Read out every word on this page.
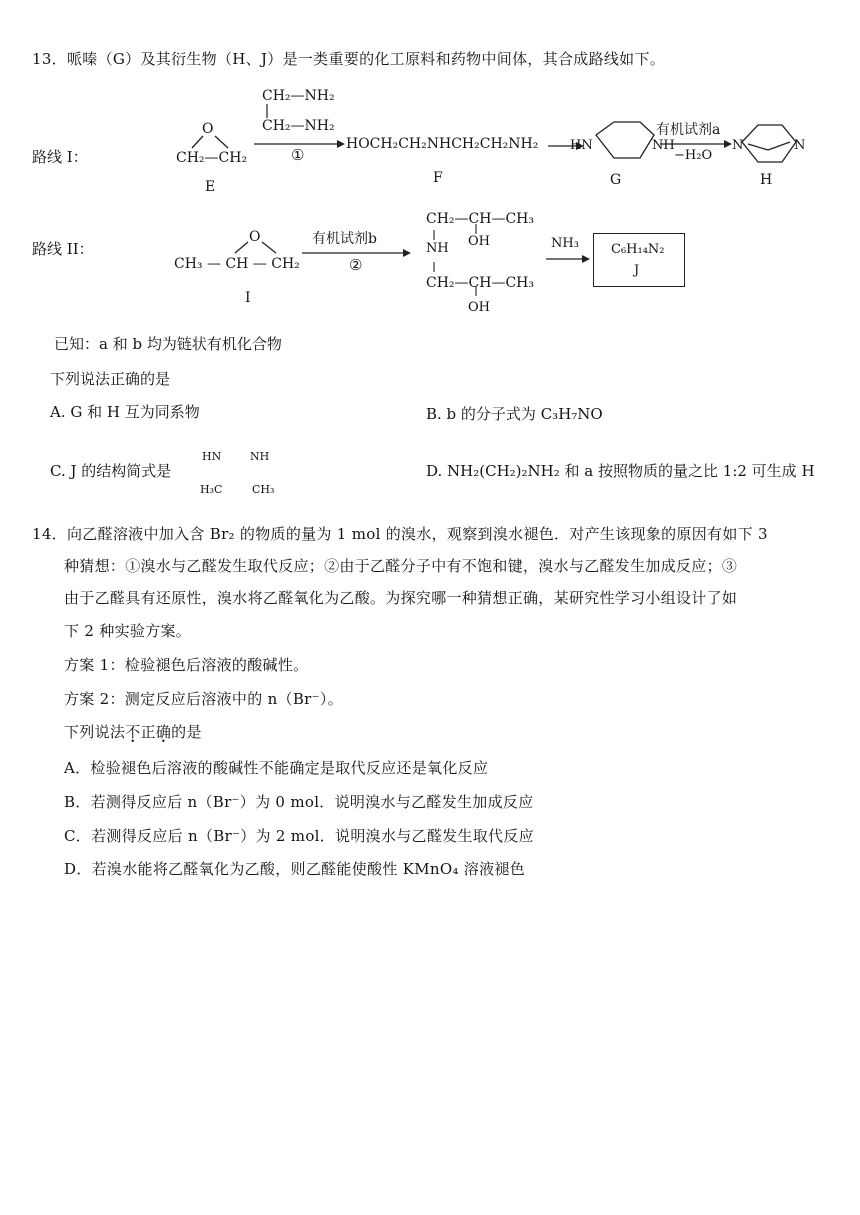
13．哌嗪（G）及其衍生物（H、J）是一类重要的化工原料和药物中间体，其合成路线如下。
路线 I：
CH₂—NH₂
CH₂—NH₂
①
O
CH₂—CH₂
E
HOCH₂CH₂NHCH₂CH₂NH₂
F
HN	NH
G
有机试剂a
−H₂O
N	N
H
路线 II：
CH₂—CH—CH₃
NH OH
CH₂—CH—CH₃
OH
CH₃ — CH — CH₂
O
I
有机试剂b
②
NH₃ C₆H₁₄N₂
J
已知：a 和 b 均为链状有机化合物
下列说法正确的是
A. G 和 H 互为同系物	B. b 的分子式为 C₃H₇NO
C. J 的结构简式是
HN	NH
H₃C	CH₃
D. NH₂(CH₂)₂NH₂ 和 a 按照物质的量之比 1:2 可生成 H
14．向乙醛溶液中加入含 Br₂ 的物质的量为 1 mol 的溴水，观察到溴水褪色．对产生该现象的原因有如下 3
种猜想：①溴水与乙醛发生取代反应；②由于乙醛分子中有不饱和键，溴水与乙醛发生加成反应；③
由于乙醛具有还原性，溴水将乙醛氧化为乙酸。为探究哪一种猜想正确，某研究性学习小组设计了如
下 2 种实验方案。
方案 1：检验褪色后溶液的酸碱性。
方案 2：测定反应后溶液中的 n（Br⁻）。
下列说法不正确的是
A．检验褪色后溶液的酸碱性不能确定是取代反应还是氧化反应
B．若测得反应后 n（Br⁻）为 0 mol．说明溴水与乙醛发生加成反应
C．若测得反应后 n（Br⁻）为 2 mol．说明溴水与乙醛发生取代反应
D．若溴水能将乙醛氧化为乙酸，则乙醛能使酸性 KMnO₄ 溶液褪色
